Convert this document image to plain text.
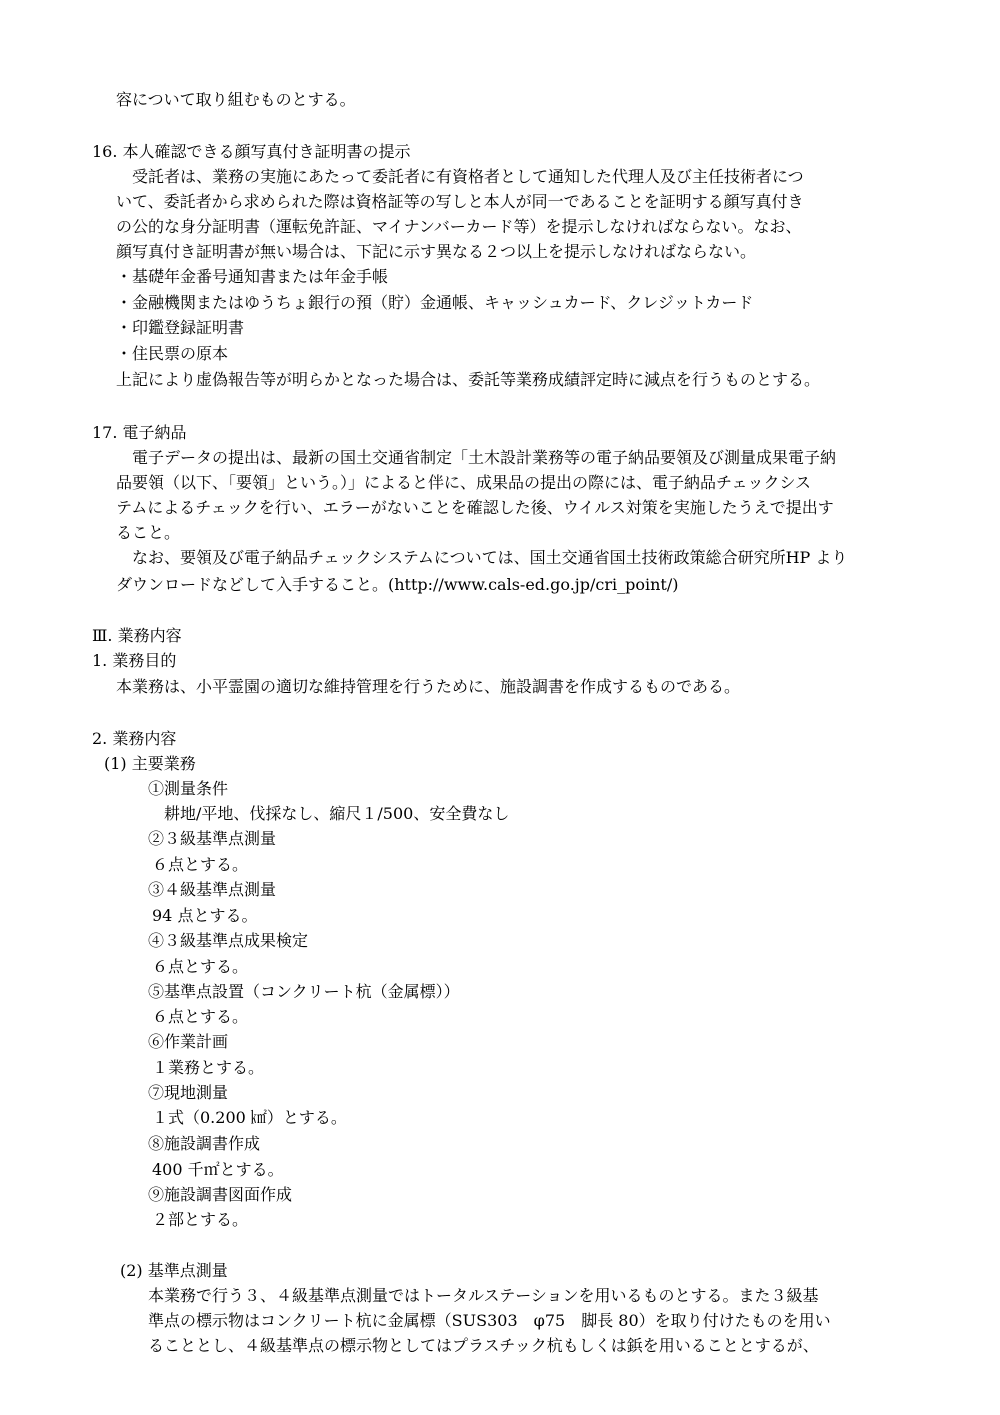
容について取り組むものとする。
16. 本人確認できる顔写真付き証明書の提示
受託者は、業務の実施にあたって委託者に有資格者として通知した代理人及び主任技術者につ
いて、委託者から求められた際は資格証等の写しと本人が同一であることを証明する顔写真付き
の公的な身分証明書（運転免許証、マイナンバーカード等）を提示しなければならない。なお、
顔写真付き証明書が無い場合は、下記に示す異なる２つ以上を提示しなければならない。
・基礎年金番号通知書または年金手帳
・金融機関またはゆうちょ銀行の預（貯）金通帳、キャッシュカード、クレジットカード
・印鑑登録証明書
・住民票の原本
上記により虚偽報告等が明らかとなった場合は、委託等業務成績評定時に減点を行うものとする。
17. 電子納品
電子データの提出は、最新の国土交通省制定「土木設計業務等の電子納品要領及び測量成果電子納
品要領（以下、「要領」という。）」によると伴に、成果品の提出の際には、電子納品チェックシス
テムによるチェックを行い、エラーがないことを確認した後、ウイルス対策を実施したうえで提出す
ること。
なお、要領及び電子納品チェックシステムについては、国土交通省国土技術政策総合研究所HP より
ダウンロードなどして入手すること。(http://www.cals-ed.go.jp/cri_point/)
Ⅲ. 業務内容
1. 業務目的
本業務は、小平霊園の適切な維持管理を行うために、施設調書を作成するものである。
2. 業務内容
(1) 主要業務
①測量条件
耕地/平地、伐採なし、縮尺１/500、安全費なし
②３級基準点測量
６点とする。
③４級基準点測量
94 点とする。
④３級基準点成果検定
６点とする。
⑤基準点設置（コンクリート杭（金属標））
６点とする。
⑥作業計画
１業務とする。
⑦現地測量
１式（0.200 ㎢）とする。
⑧施設調書作成
400 千㎡とする。
⑨施設調書図面作成
２部とする。
(2) 基準点測量
本業務で行う３、４級基準点測量ではトータルステーションを用いるものとする。また３級基
準点の標示物はコンクリート杭に金属標（SUS303　φ75　脚長 80）を取り付けたものを用い
ることとし、４級基準点の標示物としてはプラスチック杭もしくは鋲を用いることとするが、
